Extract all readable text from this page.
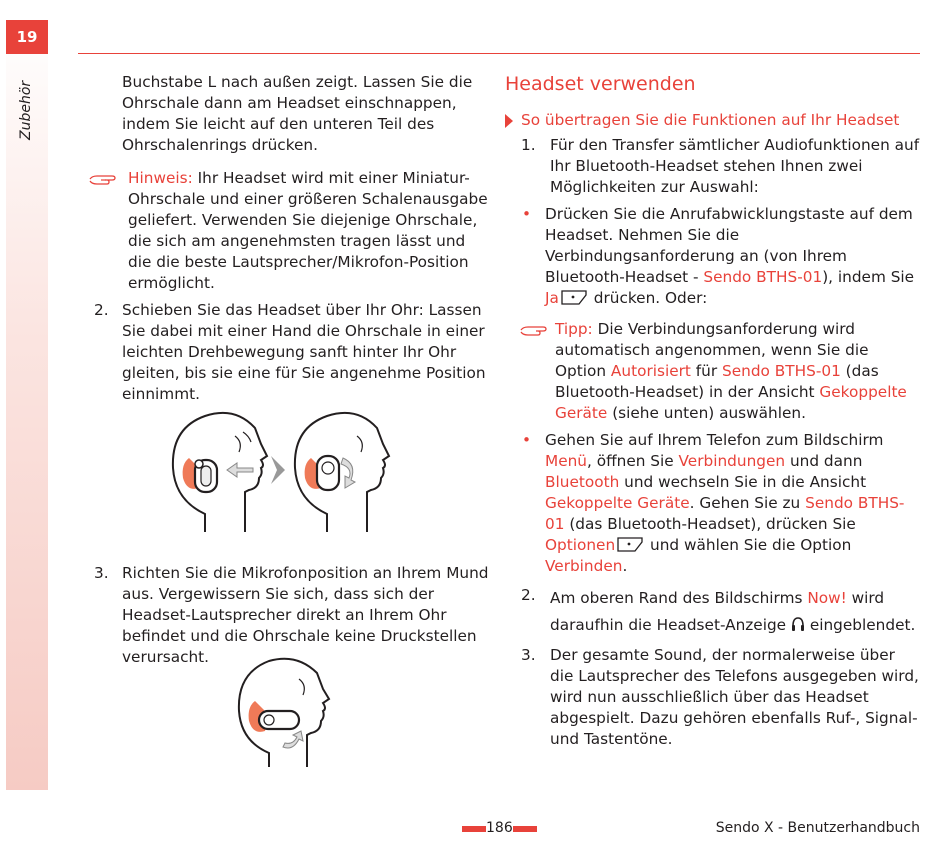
19
Zubehör	Buchstabe L nach außen zeigt. Lassen Sie die Ohrschale dann am Headset einschnappen, indem Sie leicht auf den unteren Teil des Ohrschalenrings drücken.

Hinweis: Ihr Headset wird mit einer Miniatur-Ohrschale und einer größeren Schalenausgabe geliefert. Verwenden Sie diejenige Ohrschale, die sich am angenehmsten tragen lässt und die die beste Lautsprecher/Mikrofon-Position ermöglicht.

2. Schieben Sie das Headset über Ihr Ohr: Lassen Sie dabei mit einer Hand die Ohrschale in einer leichten Drehbewegung sanft hinter Ihr Ohr gleiten, bis sie eine für Sie angenehme Position einnimmt.

3. Richten Sie die Mikrofonposition an Ihrem Mund aus. Vergewissern Sie sich, dass sich der Headset-Lautsprecher direkt an Ihrem Ohr befindet und die Ohrschale keine Druckstellen verursacht.

Headset verwenden
So übertragen Sie die Funktionen auf Ihr Headset
1. Für den Transfer sämtlicher Audiofunktionen auf Ihr Bluetooth-Headset stehen Ihnen zwei Möglichkeiten zur Auswahl:

• Drücken Sie die Anrufabwicklungstaste auf dem Headset. Nehmen Sie die Verbindungsanforderung an (von Ihrem Bluetooth-Headset - Sendo BTHS-01), indem Sie Ja drücken. Oder:

Tipp: Die Verbindungsanforderung wird automatisch angenommen, wenn Sie die Option Autorisiert für Sendo BTHS-01 (das Bluetooth-Headset) in der Ansicht Gekoppelte Geräte (siehe unten) auswählen.

• Gehen Sie auf Ihrem Telefon zum Bildschirm Menü, öffnen Sie Verbindungen und dann Bluetooth und wechseln Sie in die Ansicht Gekoppelte Geräte. Gehen Sie zu Sendo BTHS-01 (das Bluetooth-Headset), drücken Sie Optionen und wählen Sie die Option Verbinden.

2. Am oberen Rand des Bildschirms Now! wird daraufhin die Headset-Anzeige  eingeblendet.

3. Der gesamte Sound, der normalerweise über die Lautsprecher des Telefons ausgegeben wird, wird nun ausschließlich über das Headset abgespielt. Dazu gehören ebenfalls Ruf-, Signal- und Tastentöne.

186	Sendo X - Benutzerhandbuch
